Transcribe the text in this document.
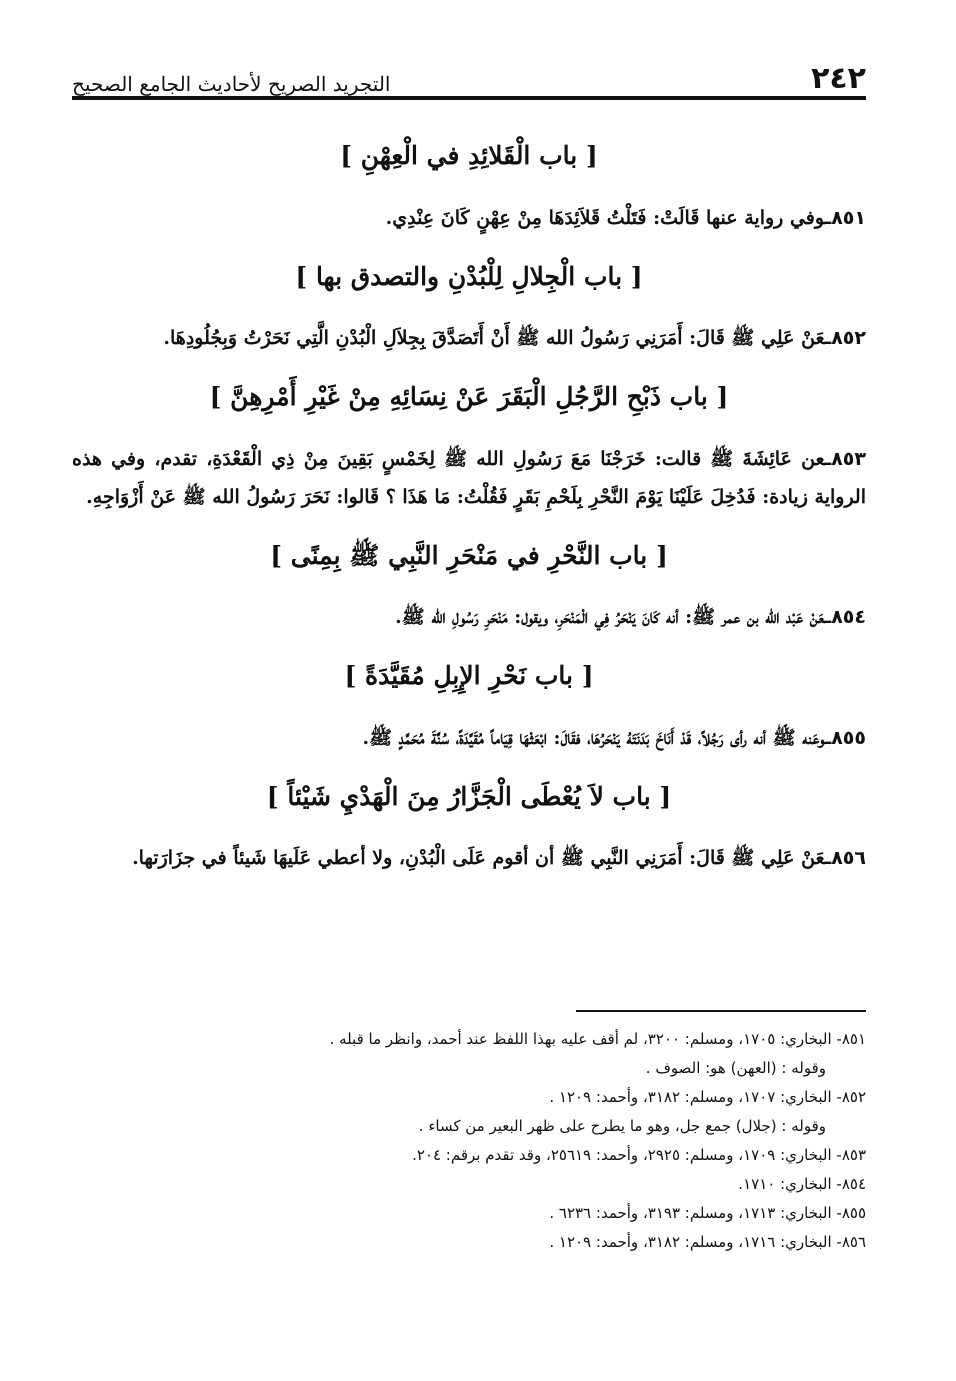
٢٤٢
التجريد الصريح لأحاديث الجامع الصحيح
[ باب الْقَلائِدِ في الْعِهْنِ ]

٨٥١ـوفي رواية عنها قَالَتْ: فَتَلْتُ قَلاَئِدَهَا مِنْ عِهْنٍ كَانَ عِنْدِي.

[ باب الْجِلالِ لِلْبُدْنِ والتصدق بها ]

٨٥٢ـعَنْ عَلِي ﷺ قَالَ: أَمَرَنِي رَسُولُ الله ﷺ أَنْ أَتَصَدَّقَ بِجِلاَلِ الْبُدْنِ الَّتِي نَحَرْتُ وَبِجُلُودِهَا.

[ باب ذَبْحِ الرَّجُلِ الْبَقَرَ عَنْ نِسَائِهِ مِنْ غَيْرِ أَمْرِهِنَّ ]

٨٥٣ـعن عَائِشَةَ ﷺ قالت: خَرَجْنَا مَعَ رَسُولِ الله ﷺ لِخَمْسٍ بَقِينَ مِنْ ذِي الْقَعْدَةِ، تقدم، وفي هذه الرواية زيادة: فَدُخِلَ عَلَيْنَا يَوْمَ النَّحْرِ بِلَحْمِ بَقَرٍ فَقُلْتُ: مَا هَذَا ؟ قَالوا: نَحَرَ رَسُولُ الله ﷺ عَنْ أَزْوَاجِهِ.

[ باب النَّحْرِ في مَنْحَرِ النَّبِي ﷺ بِمِنًى ]

٨٥٤ـعَنْ عَبْد الله بن عمر ﷺ: أنه كَانَ يَنْحَرُ فِي الْمَنْحَرِ، ويقول: مَنْحَرِ رَسُولِ الله ﷺ.

[ باب نَحْرِ الإِبِلِ مُقَيَّدَةً ]

٨٥٥ـوعَنه ﷺ أنه رأى رَجُلاً، قَدْ أَنَاخَ بَدَنَتَهُ يَنْحَرُهَا، فقَالَ: ابْعَثْهَا قِيَاماً مُقَيَّدَةً، سُنَّةَ مُحَمَّدٍ ﷺ.

[ باب لاَ يُعْطَى الْجَزَّارُ مِنَ الْهَدْيِ شَيْئاً ]

٨٥٦ـعَنْ عَلِي ﷺ قَالَ: أَمَرَنِي النَّبِي ﷺ أن أقوم عَلَى الْبُدْنِ، ولا أعطي عَلَيهَا شَيئاً في جزَارَتها.

٨٥١- البخاري: ١٧٠٥، ومسلم: ٣٢٠٠، لم أقف عليه بهذا اللفظ عند أحمد، وانظر ما قبله .

وقوله : (العهن) هو: الصوف .

٨٥٢- البخاري: ١٧٠٧، ومسلم: ٣١٨٢، وأحمد: ١٢٠٩ .

وقوله : (جلال) جمع جل، وهو ما يطرح على ظهر البعير من كساء .

٨٥٣- البخاري: ١٧٠٩، ومسلم: ٢٩٢٥، وأحمد: ٢٥٦١٩، وقد تقدم برقم: ٢٠٤.

٨٥٤- البخاري: ١٧١٠.

٨٥٥- البخاري: ١٧١٣، ومسلم: ٣١٩٣، وأحمد: ٦٢٣٦ .

٨٥٦- البخاري: ١٧١٦، ومسلم: ٣١٨٢، وأحمد: ١٢٠٩ .
